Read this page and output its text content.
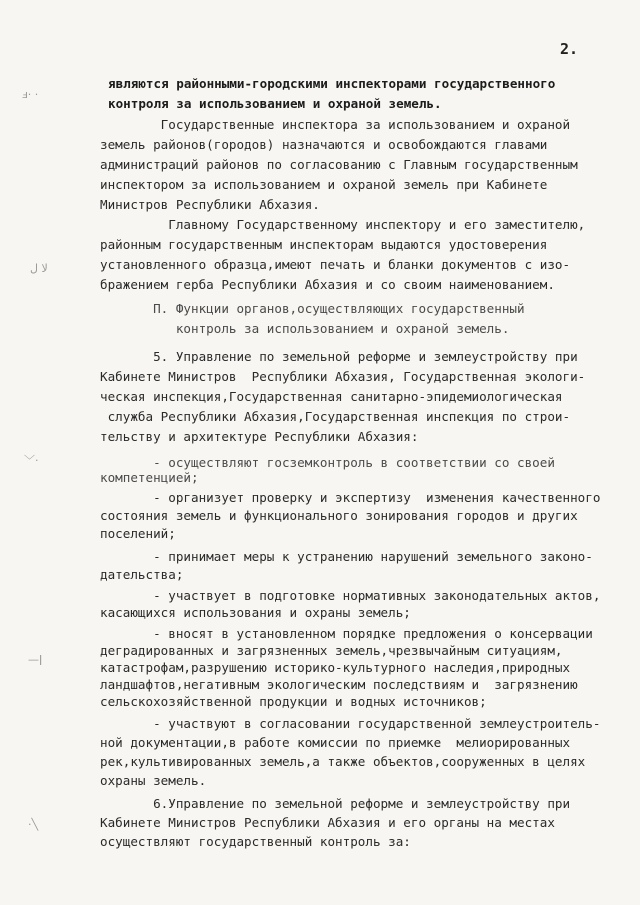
2.
ⅎ· ·
ﻻ ﻝ
﹀·
—ǀ
·╲
являются районными-городскими инспекторами государственного
контроля за использованием и охраной земель.
Государственные инспектора за использованием и охраной
земель районов(городов) назначаются и освобождаются главами
администраций районов по согласованию с Главным государственным
инспектором за использованием и охраной земель при Кабинете
Министров Республики Абхазия.
Главному Государственному инспектору и его заместителю,
районным государственным инспекторам выдаются удостоверения
установленного образца,имеют печать и бланки документов с изо-
бражением герба Республики Абхазия и со своим наименованием.
П. Функции органов,осуществляющих государственный
контроль за использованием и охраной земель.
5. Управление по земельной реформе и землеустройству при
Кабинете Министров  Республики Абхазия, Государственная экологи-
ческая инспекция,Государственная санитарно-эпидемиологическая
служба Республики Абхазия,Государственная инспекция по строи-
тельству и архитектуре Республики Абхазия:
- осуществляют госземконтроль в соответствии со своей
компетенцией;
- организует проверку и экспертизу  изменения качественного
состояния земель и функционального зонирования городов и других
поселений;
- принимает меры к устранению нарушений земельного законо-
дательства;
- участвует в подготовке нормативных законодательных актов,
касающихся использования и охраны земель;
- вносят в установленном порядке предложения о консервации
деградированных и загрязненных земель,чрезвычайным ситуациям,
катастрофам,разрушению историко-культурного наследия,природных
ландшафтов,негативным экологическим последствиям и  загрязнению
сельскохозяйственной продукции и водных источников;
- участвуют в согласовании государственной землеустроитель-
ной документации,в работе комиссии по приемке  мелиорированных
рек,культивированных земель,а также объектов,сооруженных в целях
охраны земель.
6.Управление по земельной реформе и землеустройству при
Кабинете Министров Республики Абхазия и его органы на местах
осуществляют государственный контроль за:
